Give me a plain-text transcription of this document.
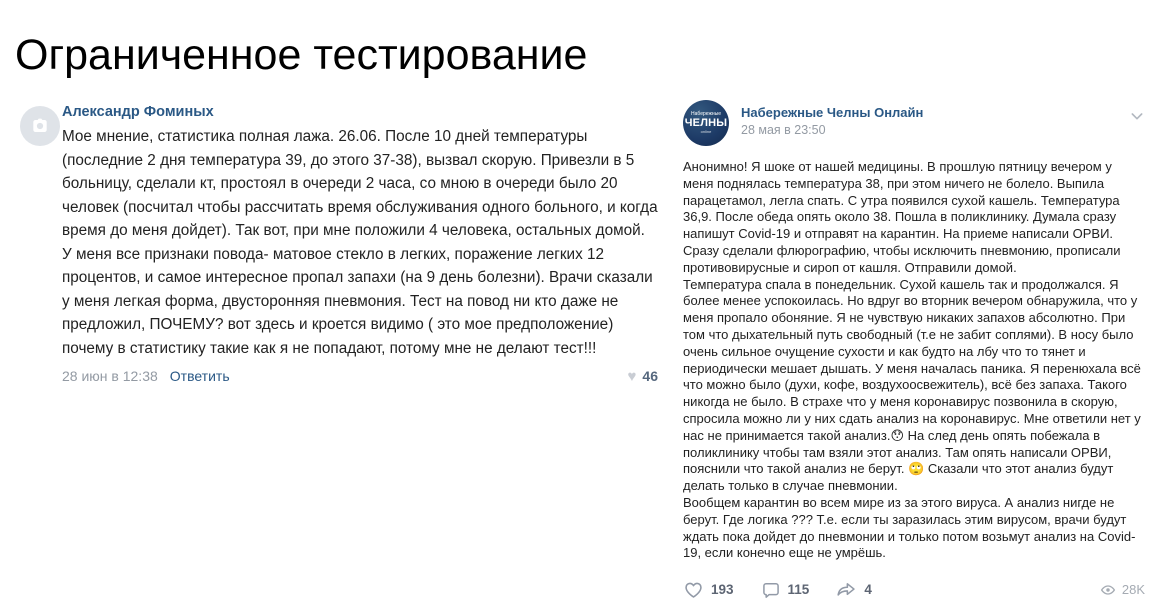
Ограниченное тестирование
Александр Фоминых
Мое мнение, статистика полная лажа. 26.06. После 10 дней температуры (последние 2 дня температура 39, до этого 37-38), вызвал скорую. Привезли в 5 больницу, сделали кт, простоял в очереди 2 часа, со мною в очереди было 20 человек (посчитал чтобы рассчитать время обслуживания одного больного, и когда время до меня дойдет). Так вот, при мне положили 4 человека, остальных домой. У меня все признаки повода- матовое стекло в легких, поражение легких 12 процентов, и самое интересное пропал запахи (на 9 день болезни). Врачи сказали у меня легкая форма, двусторонняя пневмония. Тест на повод ни кто даже не предложил, ПОЧЕМУ? вот здесь и кроется видимо ( это мое предположение) почему в статистику такие как я не попадают, потому мне не делают тест!!!
28 июн в 12:38 Ответить	♥ 46
Набережные
ЧЕЛНЫ
online
Набережные Челны Онлайн
28 мая в 23:50

Анонимно! Я шоке от нашей медицины. В прошлую пятницу вечером у меня поднялась температура 38, при этом ничего не болело. Выпила парацетамол, легла спать. С утра появился сухой кашель. Температура 36,9. После обеда опять около 38. Пошла в поликлинику. Думала сразу напишут Covid-19 и отправят на карантин. На приеме написали ОРВИ. Сразу сделали флюрографию, чтобы исключить пневмонию, прописали противовирусные и сироп от кашля. Отправили домой.

Температура спала в понедельник. Сухой кашель так и продолжался. Я более менее успокоилась. Но вдруг во вторник вечером обнаружила, что у меня пропало обоняние. Я не чувствую никаких запахов абсолютно. При том что дыхательный путь свободный (т.е не забит соплями). В носу было очень сильное очущение сухости и как будто на лбу что то тянет и периодически мешает дышать. У меня началась паника. Я перенюхала всё что можно было (духи, кофе, воздухоосвежитель), всё без запаха. Такого никогда не было. В страхе что у меня коронавирус позвонила в скорую, спросила можно ли у них сдать анализ на коронавирус. Мне ответили нет у нас не принимается такой анализ.😯 На след день опять побежала в поликлинику чтобы там взяли этот анализ. Там опять написали ОРВИ, пояснили что такой анализ не берут. 🙄 Сказали что этот анализ будут делать только в случае пневмонии.

Вообщем карантин во всем мире из за этого вируса. А анализ нигде не берут. Где логика ??? Т.е. если ты заразилась этим вирусом, врачи будут ждать пока дойдет до пневмонии и только потом возьмут анализ на Covid-19, если конечно еще не умрёшь.

193	115	4	28K
